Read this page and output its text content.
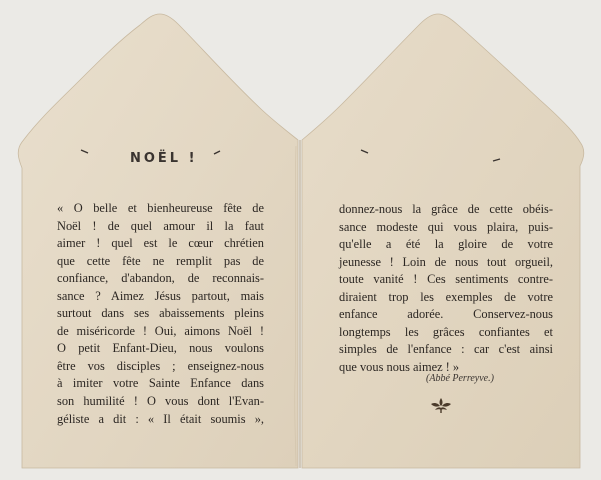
NOËL !
« O belle et bienheureuse fête de
Noël ! de quel amour il la faut
aimer ! quel est le cœur chrétien
que cette fête ne remplit pas de
confiance, d'abandon, de reconnais-
sance ? Aimez Jésus partout, mais
surtout dans ses abaissements pleins
de miséricorde ! Oui, aimons Noël !
O petit Enfant-Dieu, nous voulons
être vos disciples ; enseignez-nous
à imiter votre Sainte Enfance dans
son humilité ! O vous dont l'Evan-
géliste a dit : « Il était soumis »,
donnez-nous la grâce de cette obéis-
sance modeste qui vous plaira, puis-
qu'elle a été la gloire de votre
jeunesse ! Loin de nous tout orgueil,
toute vanité ! Ces sentiments contre-
diraient trop les exemples de votre
enfance adorée. Conservez-nous
longtemps les grâces confiantes et
simples de l'enfance : car c'est ainsi
que vous nous aimez ! »
(Abbé Perreyve.)
